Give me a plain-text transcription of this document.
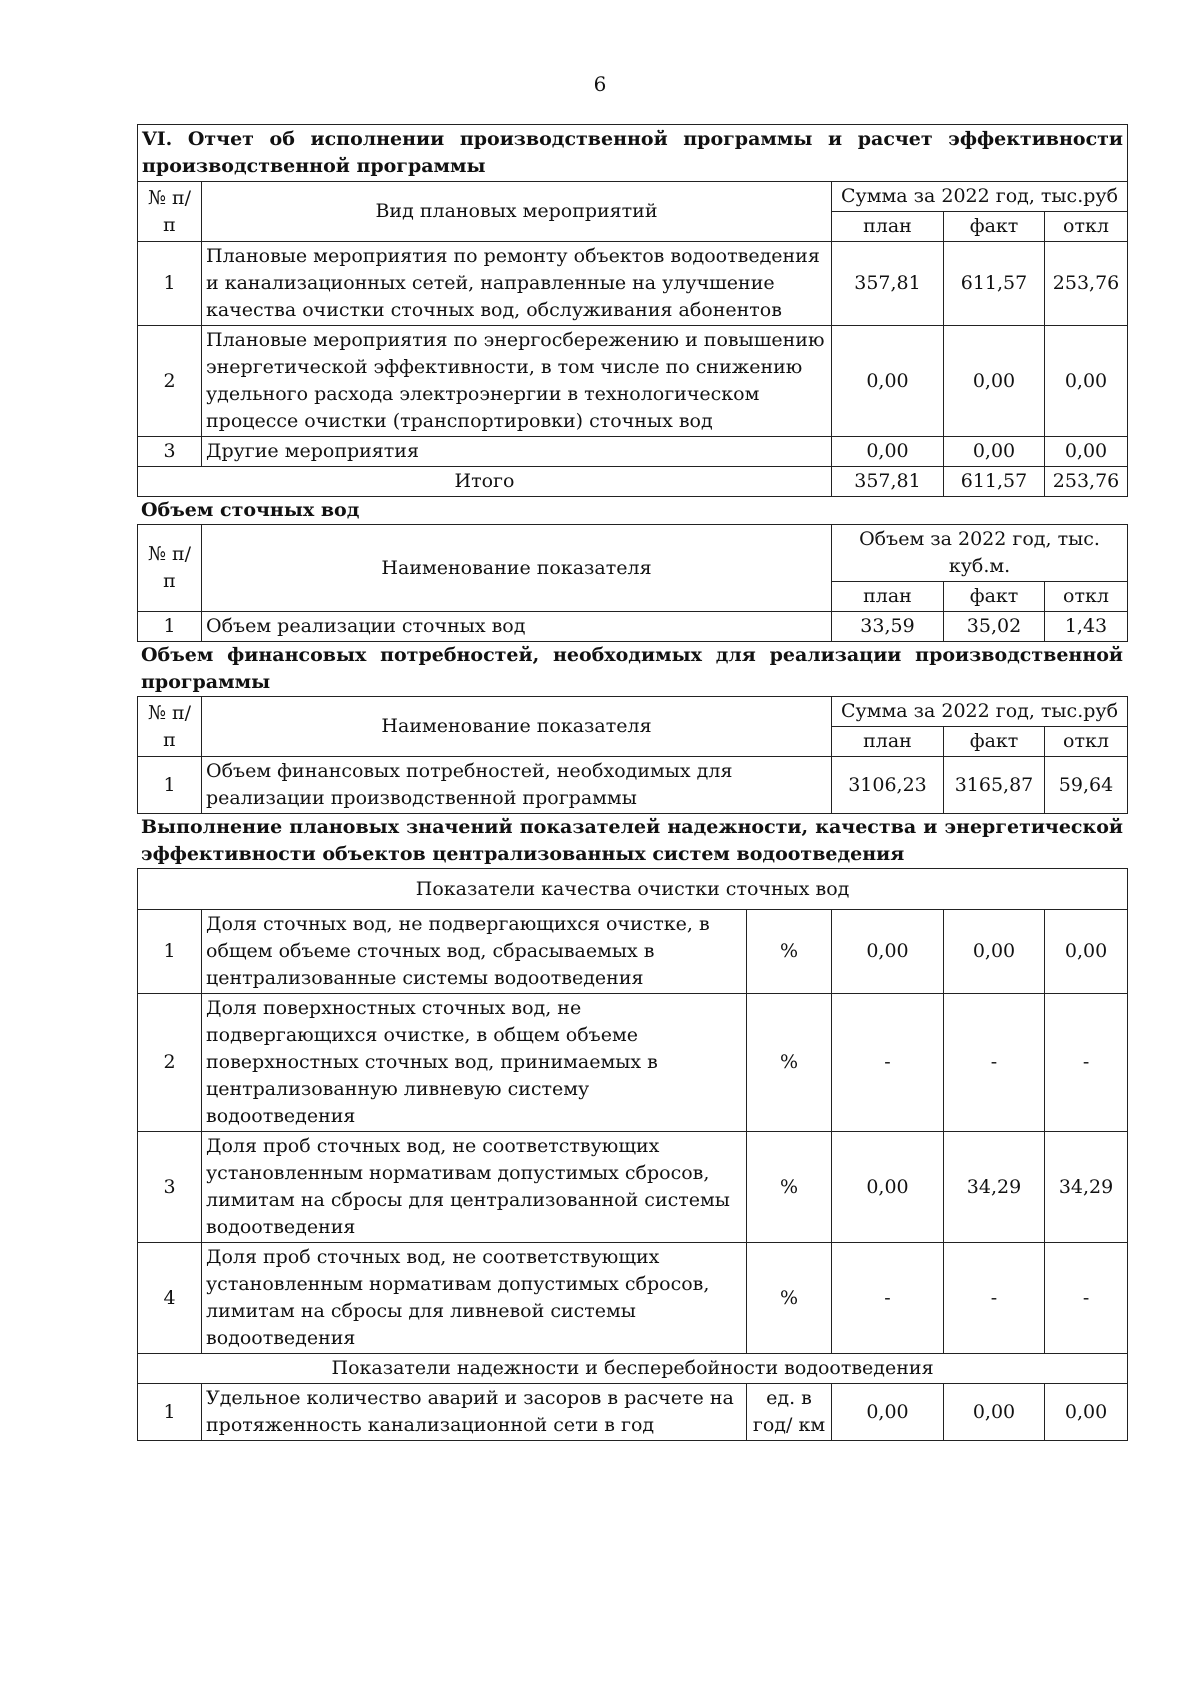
6
VI. Отчет об исполнении производственной программы и расчет эффективности производственной программы				
№ п/п	Вид плановых мероприятий	Сумма за 2022 год, тыс.руб		
		план	факт	откл
1	Плановые мероприятия по ремонту объектов водоотведения и канализационных сетей, направленные на улучшение качества очистки сточных вод, обслуживания абонентов	357,81	611,57	253,76
2	Плановые мероприятия по энергосбережению и повышению энергетической эффективности, в том числе по снижению удельного расхода электроэнергии в технологическом процессе очистки (транспортировки) сточных вод	0,00	0,00	0,00
3	Другие мероприятия	0,00	0,00	0,00
Итого		357,81	611,57	253,76
Объем сточных вод
№ п/п	Наименование показателя	Объем за 2022 год, тыс. куб.м.		
		план	факт	откл
1	Объем реализации сточных вод	33,59	35,02	1,43
Объем финансовых потребностей, необходимых для реализации производственной программы
№ п/п	Наименование показателя	Сумма за 2022 год, тыс.руб		
		план	факт	откл
1	Объем финансовых потребностей, необходимых для реализации производственной программы	3106,23	3165,87	59,64
Выполнение плановых значений показателей надежности, качества и энергетической эффективности объектов централизованных систем водоотведения
Показатели качества очистки сточных вод					
1	Доля сточных вод, не подвергающихся очистке, в общем объеме сточных вод, сбрасываемых в централизованные системы водоотведения	%	0,00	0,00	0,00
2	Доля поверхностных сточных вод, не подвергающихся очистке, в общем объеме поверхностных сточных вод, принимаемых в централизованную ливневую систему водоотведения	%	-	-	-
3	Доля проб сточных вод, не соответствующих установленным нормативам допустимых сбросов, лимитам на сбросы для централизованной системы водоотведения	%	0,00	34,29	34,29
4	Доля проб сточных вод, не соответствующих установленным нормативам допустимых сбросов, лимитам на сбросы для ливневой системы водоотведения	%	-	-	-
Показатели надежности и бесперебойности водоотведения					
1	Удельное количество аварий и засоров в расчете на протяженность канализационной сети в год	ед. в год/ км	0,00	0,00	0,00
